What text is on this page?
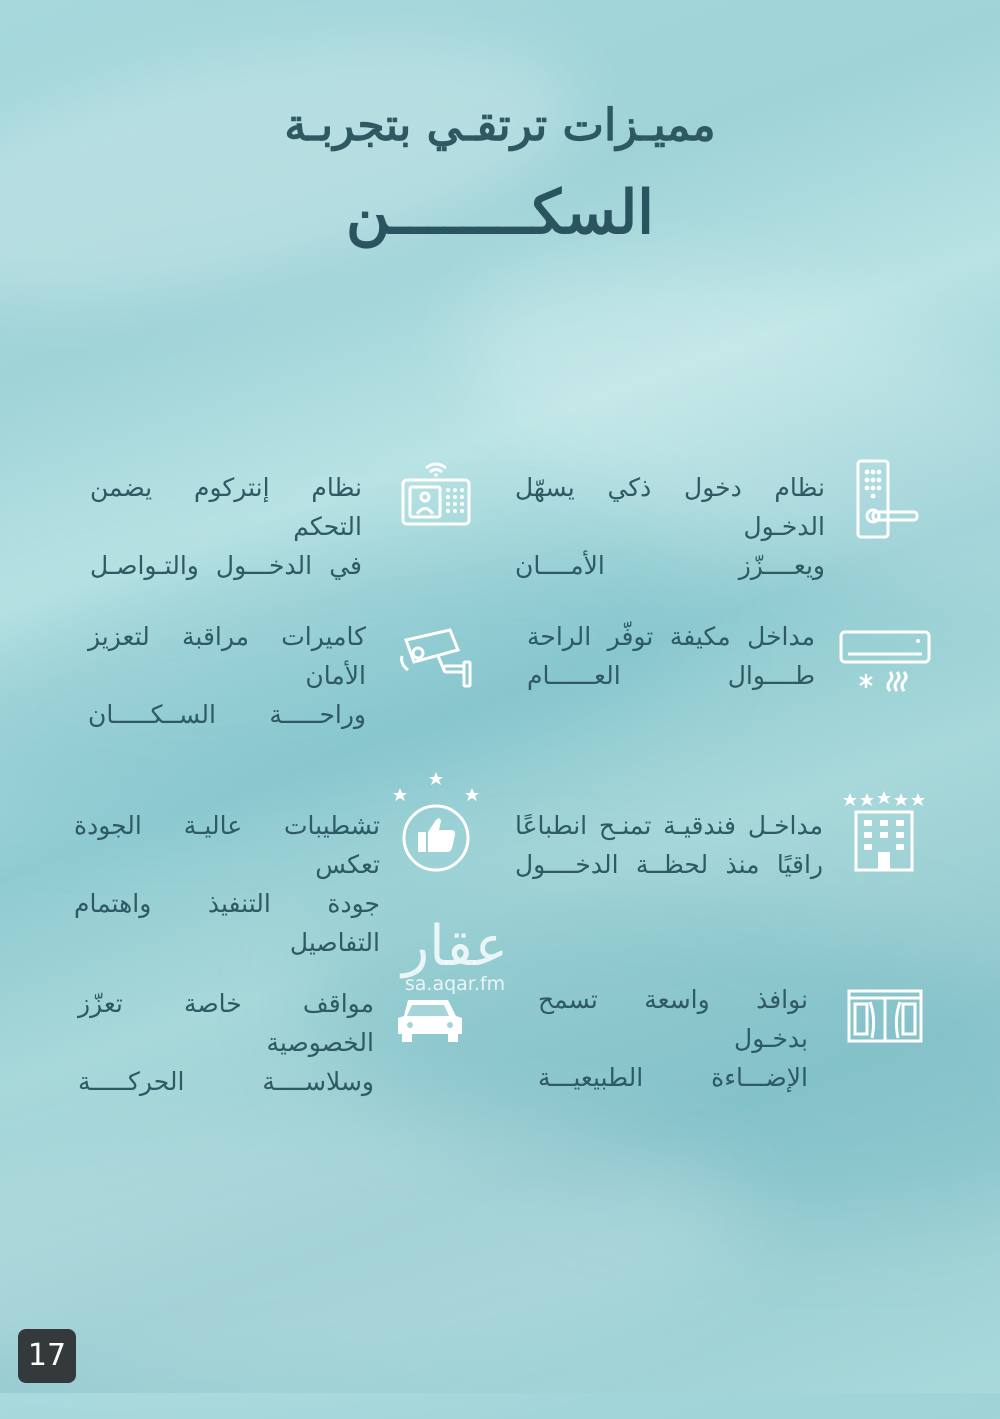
مميـزات ترتقـي بتجربـة
السكــــــــن
نظام دخول ذكي يسهّل الدخـول
ويعــــزّز الأمــــان
نظام إنتركوم يضمن التحكم
في الدخـــول والتـواصـل
مداخل مكيفة توفّر الراحة
طــــوال العــــــام
كاميرات مراقبة لتعزيز الأمان
وراحـــــة الســكـــــان
مداخـل فندقيـة تمنـح انطباعًا
راقيًا منذ لحظــة الدخــــول
تشطيبات عاليـة الجودة تعكس
جودة التنفيذ واهتمام التفاصيل
نوافذ واسعة تسمح بدخـول
الإضـــاءة الطبيعيـــة
مواقف خاصة تعزّز الخصوصية
وسلاســــة الحركـــــة
عقار
sa.aqar.fm
17
